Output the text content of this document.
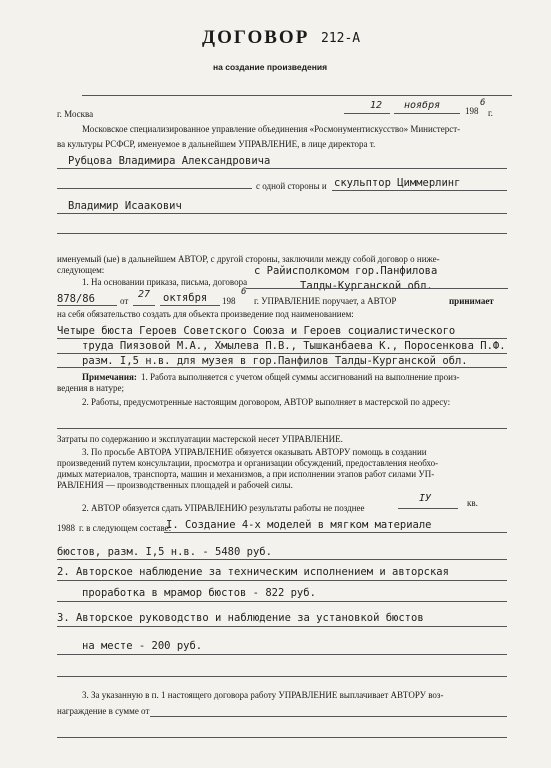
ДОГОВОР 212-А
на создание произведения
г. Москва
12 ноября	198
6
г.
Московское специализированное управление объединения «Росмонументискусство» Министерст-
ва культуры РСФСР, именуемое в дальнейшем УПРАВЛЕНИЕ, в лице директора т.
Рубцова Владимира Александровича
с одной стороны и скульптор Циммерлинг
Владимир Исаакович
именуемый (ые) в дальнейшем АВТОР, с другой стороны, заключили между собой договор о ниже-
следующем:
1. На основании приказа, письма, договора
с Райисполкомом гор.Панфилова
Талды-Курганской обл.
878/86	от
27 октября 198
6
г. УПРАВЛЕНИЕ поручает, а АВТОР	принимает
на себя обязательство создать для объекта произведение под наименованием:
Четыре бюста Героев Советского Союза и Героев социалистического
труда Пиязовой М.А., Хмылева П.В., Тышканбаева К., Поросенкова П.Ф.
разм. I,5 н.в. для музея в гор.Панфилов Талды-Курганской обл.
Примечания: 1. Работа выполняется с учетом общей суммы ассигнований на выполнение произ-
ведения в натуре;
2. Работы, предусмотренные настоящим договором, АВТОР выполняет в мастерской по адресу:
Затраты по содержанию и эксплуатации мастерской несет УПРАВЛЕНИЕ.
3. По просьбе АВТОРА УПРАВЛЕНИЕ обязуется оказывать АВТОРУ помощь в создании
произведений путем консультации, просмотра и организации обсуждений, предоставления необхо-
димых материалов, транспорта, машин и механизмов, а при исполнении этапов работ силами УП-
РАВЛЕНИЯ — производственных площадей и рабочей силы.
2. АВТОР обязуется сдать УПРАВЛЕНИЮ результаты работы не позднее
IУ	кв.
1988 г. в следующем составе:
I. Создание 4-х моделей в мягком материале
бюстов, разм. I,5 н.в. - 5480 руб.
2. Авторское наблюдение за техническим исполнением и авторская
проработка в мрамор бюстов - 822 руб.
3. Авторское руководство и наблюдение за установкой бюстов
на месте - 200 руб.
3. За указанную в п. 1 настоящего договора работу УПРАВЛЕНИЕ выплачивает АВТОРУ воз-
награждение в сумме от
